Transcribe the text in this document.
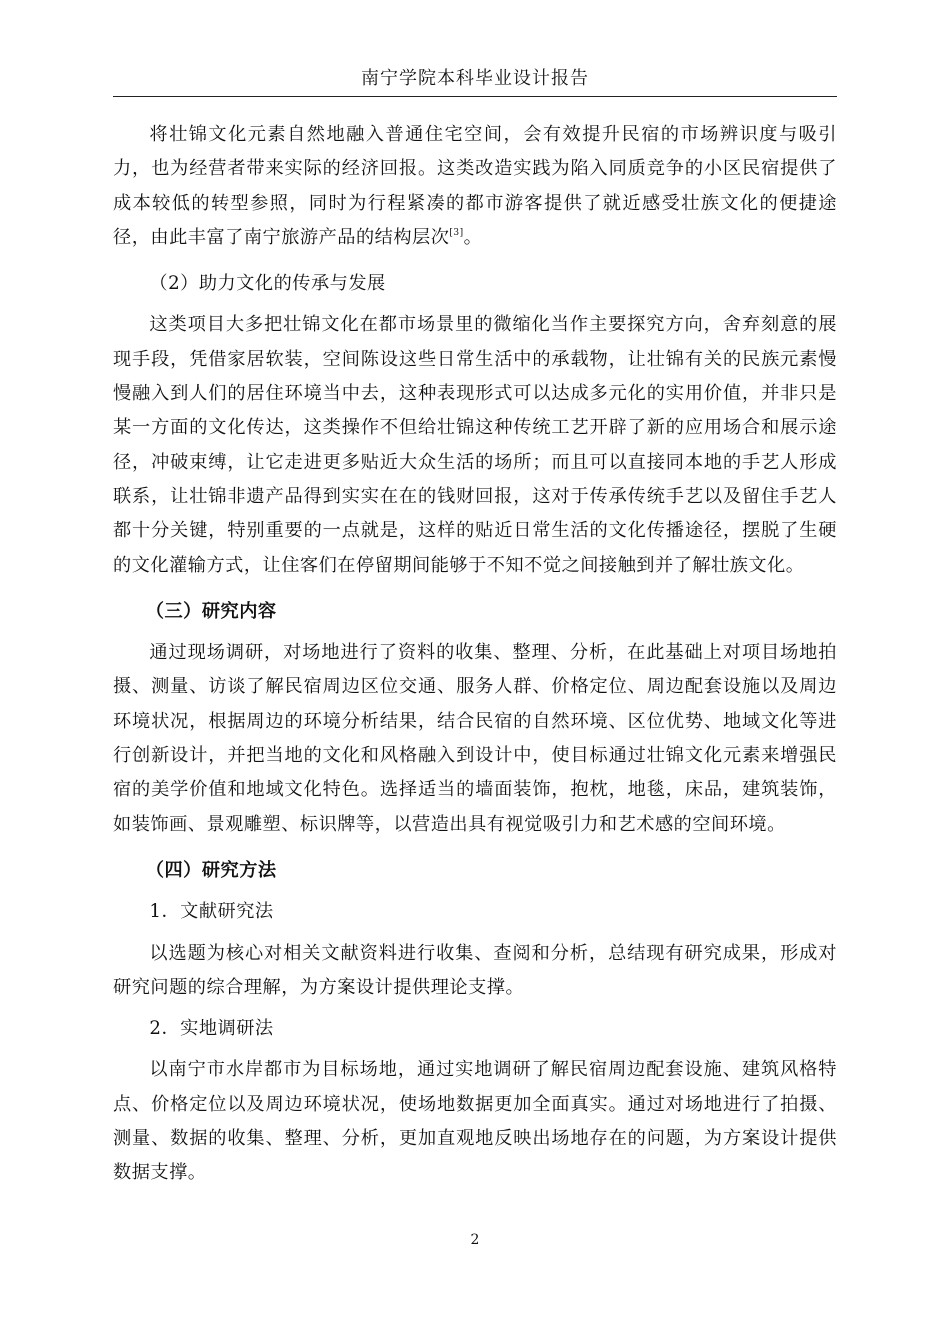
南宁学院本科毕业设计报告

将壮锦文化元素自然地融入普通住宅空间，会有效提升民宿的市场辨识度与吸引力，也为经营者带来实际的经济回报。这类改造实践为陷入同质竞争的小区民宿提供了成本较低的转型参照，同时为行程紧凑的都市游客提供了就近感受壮族文化的便捷途径，由此丰富了南宁旅游产品的结构层次[3]。

（2）助力文化的传承与发展

这类项目大多把壮锦文化在都市场景里的微缩化当作主要探究方向，舍弃刻意的展现手段，凭借家居软装，空间陈设这些日常生活中的承载物，让壮锦有关的民族元素慢慢融入到人们的居住环境当中去，这种表现形式可以达成多元化的实用价值，并非只是某一方面的文化传达，这类操作不但给壮锦这种传统工艺开辟了新的应用场合和展示途径，冲破束缚，让它走进更多贴近大众生活的场所；而且可以直接同本地的手艺人形成联系，让壮锦非遗产品得到实实在在的钱财回报，这对于传承传统手艺以及留住手艺人都十分关键，特别重要的一点就是，这样的贴近日常生活的文化传播途径，摆脱了生硬的文化灌输方式，让住客们在停留期间能够于不知不觉之间接触到并了解壮族文化。

（三）研究内容

通过现场调研，对场地进行了资料的收集、整理、分析，在此基础上对项目场地拍摄、测量、访谈了解民宿周边区位交通、服务人群、价格定位、周边配套设施以及周边环境状况，根据周边的环境分析结果，结合民宿的自然环境、区位优势、地域文化等进行创新设计，并把当地的文化和风格融入到设计中，使目标通过壮锦文化元素来增强民宿的美学价值和地域文化特色。选择适当的墙面装饰，抱枕，地毯，床品，建筑装饰，如装饰画、景观雕塑、标识牌等，以营造出具有视觉吸引力和艺术感的空间环境。

（四）研究方法

1．文献研究法

以选题为核心对相关文献资料进行收集、查阅和分析，总结现有研究成果，形成对研究问题的综合理解，为方案设计提供理论支撑。

2．实地调研法

以南宁市水岸都市为目标场地，通过实地调研了解民宿周边配套设施、建筑风格特点、价格定位以及周边环境状况，使场地数据更加全面真实。通过对场地进行了拍摄、测量、数据的收集、整理、分析，更加直观地反映出场地存在的问题，为方案设计提供数据支撑。

2
